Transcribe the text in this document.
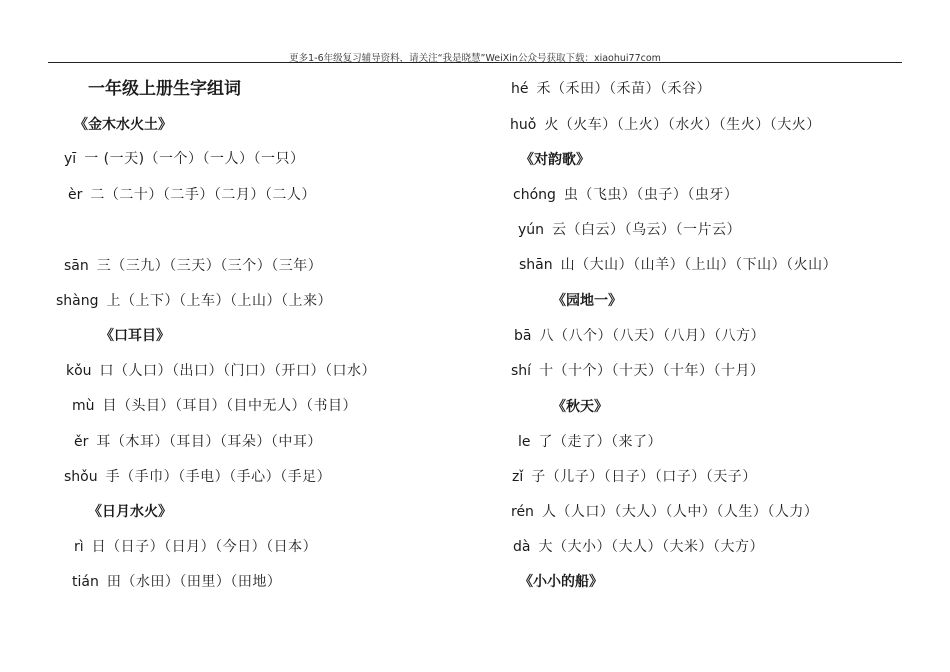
更多1-6年级复习辅导资料，请关注“我是晓慧”WeiXin公众号获取下载：xiaohui77com
一年级上册生字组词
《金木水火土》
yī 一 (一天)（一个）（一人）（一只）
èr 二（二十）（二手）（二月）（二人）
sān 三（三九）（三天）（三个）（三年）
shàng 上（上下）（上车）（上山）（上来）
《口耳目》
kǒu 口（人口）（出口）（门口）（开口）（口水）
mù 目（头目）（耳目）（目中无人）（书目）
ěr 耳（木耳）（耳目）（耳朵）（中耳）
shǒu 手（手巾）（手电）（手心）（手足）
《日月水火》
rì 日（日子）（日月）（今日）（日本）
tián 田（水田）（田里）（田地）
hé 禾（禾田）（禾苗）（禾谷）
huǒ 火（火车）（上火）（水火）（生火）（大火）
《对韵歌》
chóng 虫（飞虫）（虫子）（虫牙）
yún 云（白云）（乌云）（一片云）
shān 山（大山）（山羊）（上山）（下山）（火山）
《园地一》
bā 八（八个）（八天）（八月）（八方）
shí 十（十个）（十天）（十年）（十月）
《秋天》
le 了（走了）（来了）
zǐ 子（儿子）（日子）（口子）（天子）
rén 人（人口）（大人）（人中）（人生）（人力）
dà 大（大小）（大人）（大米）（大方）
《小小的船》
